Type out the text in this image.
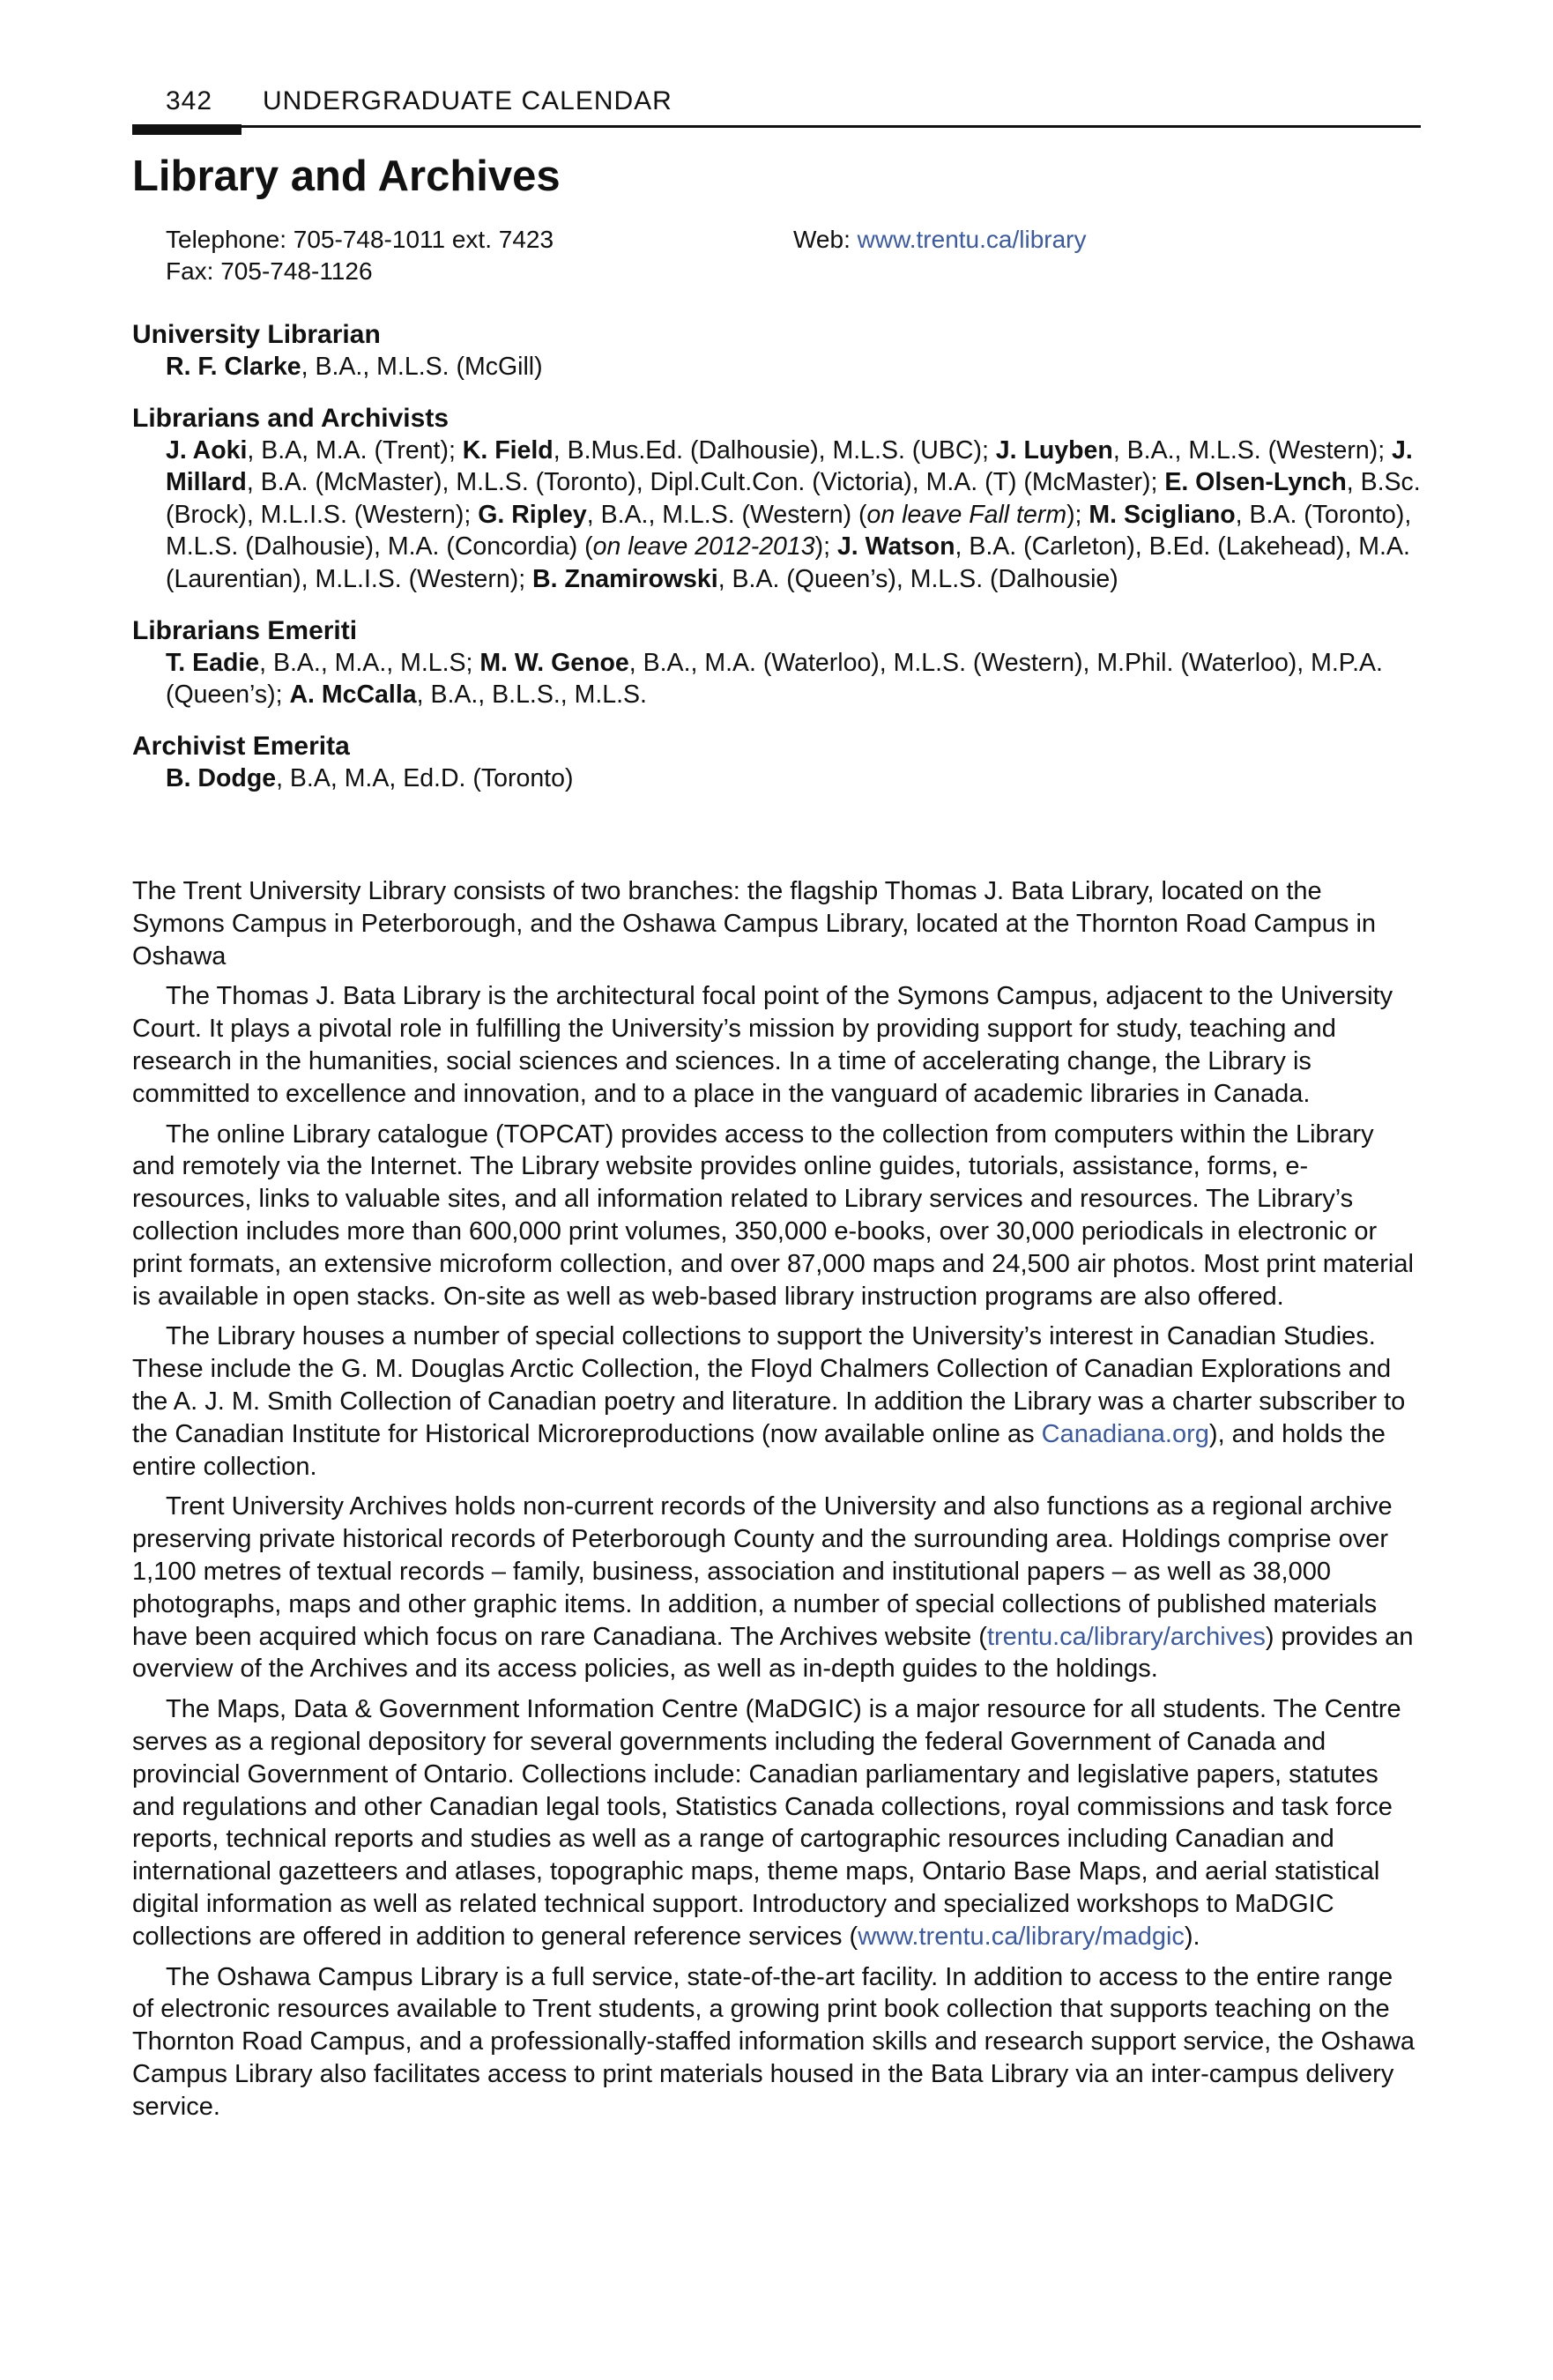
342 UNDERGRADUATE CALENDAR
Library and Archives
Telephone: 705-748-1011 ext. 7423
Fax: 705-748-1126
Web: www.trentu.ca/library
University Librarian
R. F. Clarke, B.A., M.L.S. (McGill)
Librarians and Archivists
J. Aoki, B.A, M.A. (Trent); K. Field, B.Mus.Ed. (Dalhousie), M.L.S. (UBC); J. Luyben, B.A., M.L.S. (Western); J. Millard, B.A. (McMaster), M.L.S. (Toronto), Dipl.Cult.Con. (Victoria), M.A. (T) (McMaster); E. Olsen-Lynch, B.Sc. (Brock), M.L.I.S. (Western); G. Ripley, B.A., M.L.S. (Western) (on leave Fall term); M. Scigliano, B.A. (Toronto), M.L.S. (Dalhousie), M.A. (Concordia) (on leave 2012-2013); J. Watson, B.A. (Carleton), B.Ed. (Lakehead), M.A. (Laurentian), M.L.I.S. (Western); B. Znamirowski, B.A. (Queen’s), M.L.S. (Dalhousie)
Librarians Emeriti
T. Eadie, B.A., M.A., M.L.S; M. W. Genoe, B.A., M.A. (Waterloo), M.L.S. (Western), M.Phil. (Waterloo), M.P.A. (Queen’s); A. McCalla, B.A., B.L.S., M.L.S.
Archivist Emerita
B. Dodge, B.A, M.A, Ed.D. (Toronto)

The Trent University Library consists of two branches: the flagship Thomas J. Bata Library, located on the Symons Campus in Peterborough, and the Oshawa Campus Library, located at the Thornton Road Campus in Oshawa

The Thomas J. Bata Library is the architectural focal point of the Symons Campus, adjacent to the University Court. It plays a pivotal role in fulfilling the University’s mission by providing support for study, teaching and research in the humanities, social sciences and sciences. In a time of accelerating change, the Library is committed to excellence and innovation, and to a place in the vanguard of academic libraries in Canada.

The online Library catalogue (TOPCAT) provides access to the collection from computers within the Library and remotely via the Internet. The Library website provides online guides, tutorials, assistance, forms, e-resources, links to valuable sites, and all information related to Library services and resources. The Library’s collection includes more than 600,000 print volumes, 350,000 e-books, over 30,000 periodicals in electronic or print formats, an extensive microform collection, and over 87,000 maps and 24,500 air photos. Most print material is available in open stacks. On-site as well as web-based library instruction programs are also offered.

The Library houses a number of special collections to support the University’s interest in Canadian Studies. These include the G. M. Douglas Arctic Collection, the Floyd Chalmers Collection of Canadian Explorations and the A. J. M. Smith Collection of Canadian poetry and literature. In addition the Library was a charter subscriber to the Canadian Institute for Historical Microreproductions (now available online as Canadiana.org), and holds the entire collection.

Trent University Archives holds non-current records of the University and also functions as a regional archive preserving private historical records of Peterborough County and the surrounding area. Holdings comprise over 1,100 metres of textual records – family, business, association and institutional papers – as well as 38,000 photographs, maps and other graphic items. In addition, a number of special collections of published materials have been acquired which focus on rare Canadiana. The Archives website (trentu.ca/library/archives) provides an overview of the Archives and its access policies, as well as in-depth guides to the holdings.

The Maps, Data & Government Information Centre (MaDGIC) is a major resource for all students. The Centre serves as a regional depository for several governments including the federal Government of Canada and provincial Government of Ontario. Collections include: Canadian parliamentary and legislative papers, statutes and regulations and other Canadian legal tools, Statistics Canada collections, royal commissions and task force reports, technical reports and studies as well as a range of cartographic resources including Canadian and international gazetteers and atlases, topographic maps, theme maps, Ontario Base Maps, and aerial statistical digital information as well as related technical support. Introductory and specialized workshops to MaDGIC collections are offered in addition to general reference services (www.trentu.ca/library/madgic).

The Oshawa Campus Library is a full service, state-of-the-art facility. In addition to access to the entire range of electronic resources available to Trent students, a growing print book collection that supports teaching on the Thornton Road Campus, and a professionally-staffed information skills and research support service, the Oshawa Campus Library also facilitates access to print materials housed in the Bata Library via an inter-campus delivery service.
